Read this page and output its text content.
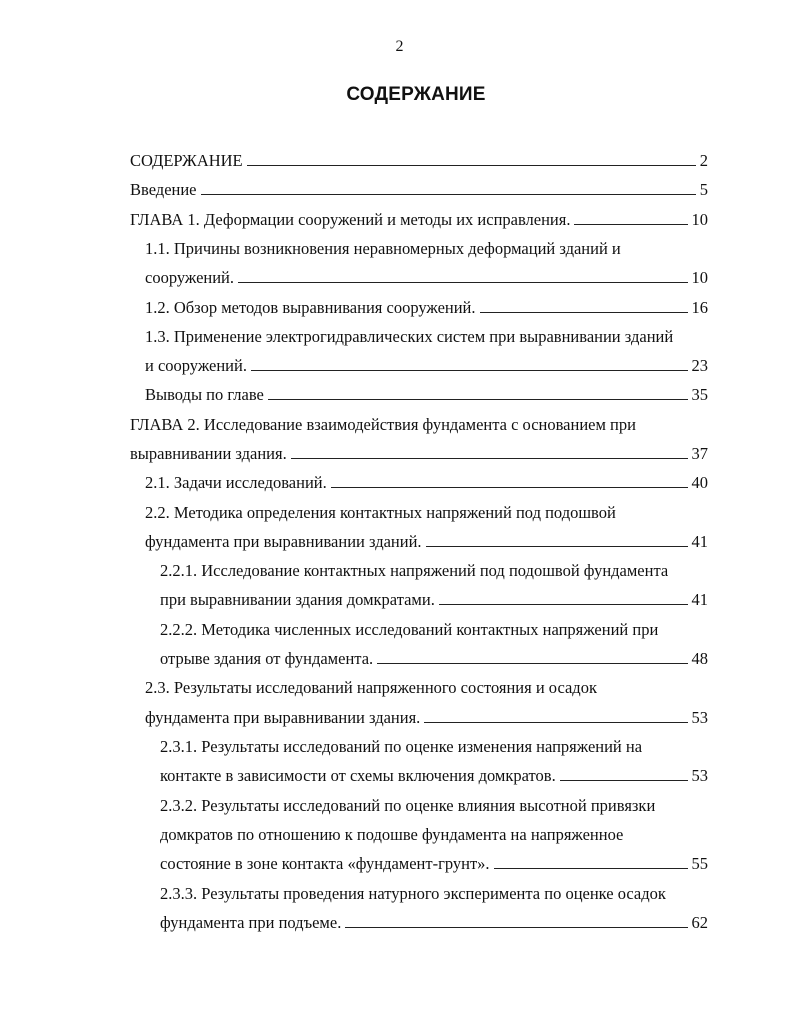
2
СОДЕРЖАНИЕ
СОДЕРЖАНИЕ	2
Введение	5
ГЛАВА 1. Деформации сооружений и методы их исправления.	10
1.1. Причины возникновения неравномерных деформаций зданий и
сооружений.	10
1.2. Обзор методов выравнивания сооружений.	16
1.3. Применение электрогидравлических систем при выравнивании зданий
и сооружений.	23
Выводы по главе	35
ГЛАВА 2. Исследование взаимодействия фундамента с основанием при
выравнивании здания.	37
2.1. Задачи исследований.	40
2.2. Методика определения контактных напряжений под подошвой
фундамента при выравнивании зданий.	41
2.2.1. Исследование контактных напряжений под подошвой фундамента
при выравнивании здания домкратами.	41
2.2.2. Методика численных исследований контактных напряжений при
отрыве здания от фундамента.	48
2.3. Результаты исследований напряженного состояния и осадок
фундамента при выравнивании здания.	53
2.3.1. Результаты исследований по оценке изменения напряжений на
контакте в зависимости от схемы включения домкратов.	53
2.3.2. Результаты исследований по оценке влияния высотной привязки
домкратов по отношению к подошве фундамента на напряженное
состояние в зоне контакта «фундамент-грунт».	55
2.3.3. Результаты проведения натурного эксперимента по оценке осадок
фундамента при подъеме.	62
